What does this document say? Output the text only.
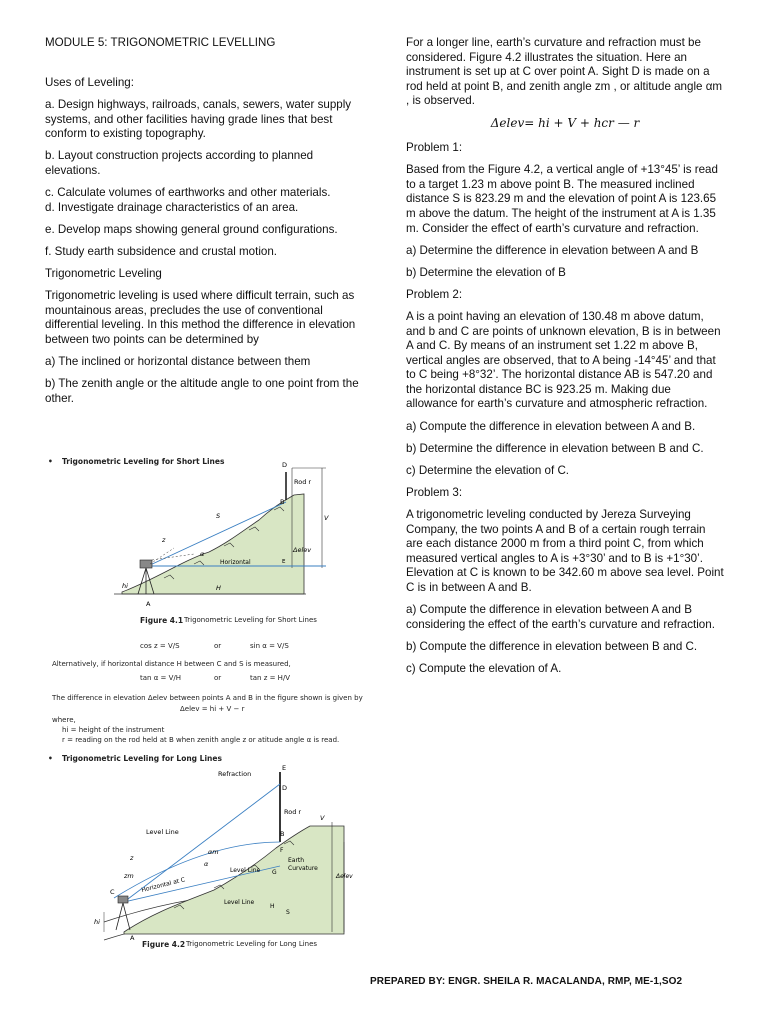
MODULE 5: TRIGONOMETRIC LEVELLING

Uses of Leveling:

a. Design highways, railroads, canals, sewers, water supply systems, and other facilities having grade lines that best conform to existing topography.

b. Layout construction projects according to planned elevations.

c. Calculate volumes of earthworks and other materials.

d. Investigate drainage characteristics of an area.

e. Develop maps showing general ground configurations.

f. Study earth subsidence and crustal motion.

Trigonometric Leveling

Trigonometric leveling is used where difficult terrain, such as mountainous areas, precludes the use of conventional differential leveling. In this method the difference in elevation between two points can be determined by

a) The inclined or horizontal distance between them

b) The zenith angle or the altitude angle to one point from the other.

• Trigonometric Leveling for Short Lines	D
Rod r
B
S	V
z
α	Δelev
Horizontal	E
H
hi
A
Figure 4.1 Trigonometric Leveling for Short Lines
cos z = V/S	or	sin α = V/S
Alternatively, if horizontal distance H between C and S is measured,
tan α = V/H	or	tan z = H/V
The difference in elevation Δelev between points A and B in the figure shown is given by
Δelev = hi + V − r
where,
hi = height of the instrument
r = reading on the rod held at B when zenith angle z or atitude angle α is read.
• Trigonometric Leveling for Long Lines
Refraction
E
D
Rod r
V
B
Level Line
αm
α
z
zm
Horizontal at C
Level Line G
F
Earth
Curvature
Δelev
Level Line
H
S
C
hi
A
Figure 4.2 Trigonometric Leveling for Long Lines

For a longer line, earth’s curvature and refraction must be considered. Figure 4.2 illustrates the situation. Here an instrument is set up at C over point A. Sight D is made on a rod held at point B, and zenith angle zm , or altitude angle αm , is observed.

Δelev= hi + V + hcr — r

Problem 1:

Based from the Figure 4.2, a vertical angle of +13°45’ is read to a target 1.23 m above point B. The measured inclined distance S is 823.29 m and the elevation of point A is 123.65 m above the datum. The height of the instrument at A is 1.35 m. Consider the effect of earth’s curvature and refraction.

a) Determine the difference in elevation between A and B

b) Determine the elevation of B

Problem 2:

A is a point having an elevation of 130.48 m above datum, and b and C are points of unknown elevation, B is in between A and C. By means of an instrument set 1.22 m above B, vertical angles are observed, that to A being -14°45’ and that to C being +8°32’. The horizontal distance AB is 547.20 and the horizontal distance BC is 923.25 m. Making due allowance for earth’s curvature and atmospheric refraction.

a) Compute the difference in elevation between A and B.

b) Determine the difference in elevation between B and C.

c) Determine the elevation of C.

Problem 3:

A trigonometric leveling conducted by Jereza Surveying Company, the two points A and B of a certain rough terrain are each distance 2000 m from a third point C, from which measured vertical angles to A is +3°30’ and to B is +1°30’. Elevation at C is known to be 342.60 m above sea level. Point C is in between A and B.

a) Compute the difference in elevation between A and B considering the effect of the earth’s curvature and refraction.

b) Compute the difference in elevation between B and C.

c) Compute the elevation of A.

PREPARED BY: ENGR. SHEILA R. MACALANDA, RMP, ME-1,SO2
